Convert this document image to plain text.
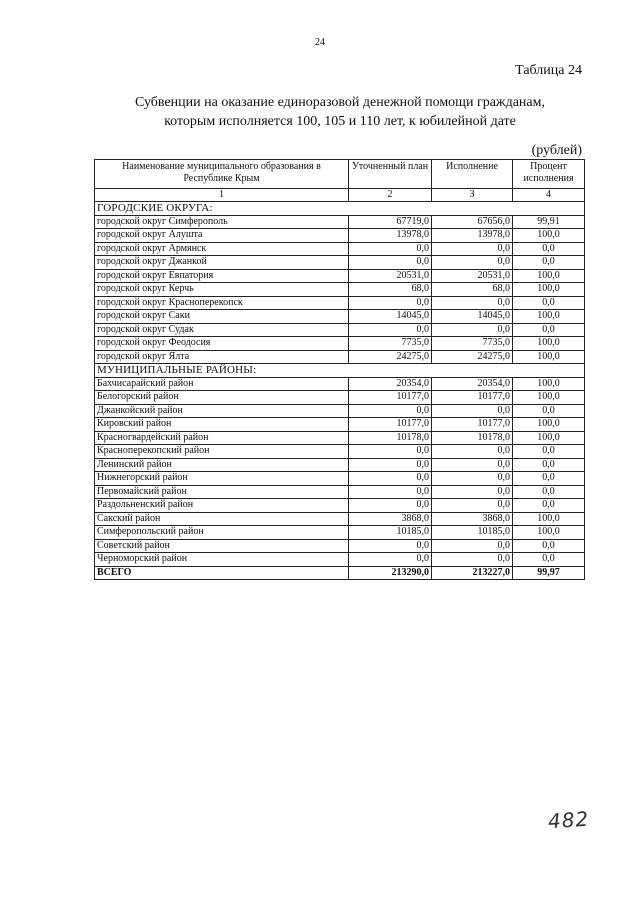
24
Таблица 24
Субвенции на оказание единоразовой денежной помощи гражданам,
которым исполняется 100, 105 и 110 лет, к юбилейной дате
(рублей)
Наименование муниципального образования в Республике Крым	Уточненный план	Исполнение	Процент исполнения
1	2	3	4
ГОРОДСКИЕ ОКРУГА:			
городской округ Симферополь	67719,0	67656,0	99,91
городской округ Алушта	13978,0	13978,0	100,0
городской округ Армянск	0,0	0,0	0,0
городской округ Джанкой	0,0	0,0	0,0
городской округ Евпатория	20531,0	20531,0	100,0
городской округ Керчь	68,0	68,0	100,0
городской округ Красноперекопск	0,0	0,0	0,0
городской округ Саки	14045,0	14045,0	100,0
городской округ Судак	0,0	0,0	0,0
городской округ Феодосия	7735,0	7735,0	100,0
городской округ Ялта	24275,0	24275,0	100,0
МУНИЦИПАЛЬНЫЕ РАЙОНЫ:			
Бахчисарайский район	20354,0	20354,0	100,0
Белогорский район	10177,0	10177,0	100,0
Джанкойский район	0,0	0,0	0,0
Кировский район	10177,0	10177,0	100,0
Красногвардейский район	10178,0	10178,0	100,0
Красноперекопский район	0,0	0,0	0,0
Ленинский район	0,0	0,0	0,0
Нижнегорский район	0,0	0,0	0,0
Первомайский район	0,0	0,0	0,0
Раздольненский район	0,0	0,0	0,0
Сакский район	3868,0	3868,0	100,0
Симферопольский район	10185,0	10185,0	100,0
Советский район	0,0	0,0	0,0
Черноморский район	0,0	0,0	0,0
ВСЕГО	213290,0	213227,0	99,97
482
